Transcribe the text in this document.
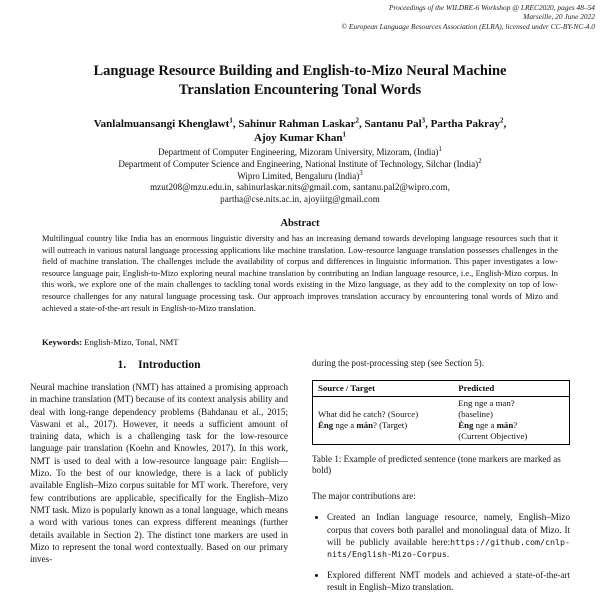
Proceedings of the WILDRE-6 Workshop @ LREC2020, pages 48–54
Marseille, 20 June 2022
© European Language Resources Association (ELRA), licensed under CC-BY-NC-4.0
Language Resource Building and English-to-Mizo Neural Machine Translation Encountering Tonal Words
Vanlalmuansangi Khenglawt$^1$, Sahinur Rahman Laskar$^2$, Santanu Pal$^3$, Partha Pakray$^2$,
Ajoy Kumar Khan$^1$
Department of Computer Engineering, Mizoram University, Mizoram, (India)$^1$
Department of Computer Science and Engineering, National Institute of Technology, Silchar (India)$^2$
Wipro Limited, Bengaluru (India)$^3$
mzut208@mzu.edu.in, sahinurlaskar.nits@gmail.com, santanu.pal2@wipro.com,
partha@cse.nits.ac.in, ajoyiitg@gmail.com
Abstract
Multilingual country like India has an enormous linguistic diversity and has an increasing demand towards developing language resources such that it will outreach in various natural language processing applications like machine translation. Low-resource language translation possesses challenges in the field of machine translation. The challenges include the availability of corpus and differences in linguistic information. This paper investigates a low-resource language pair, English-to-Mizo exploring neural machine translation by contributing an Indian language resource, i.e., English-Mizo corpus. In this work, we explore one of the main challenges to tackling tonal words existing in the Mizo language, as they add to the complexity on top of low-resource challenges for any natural language processing task. Our approach improves translation accuracy by encountering tonal words of Mizo and achieved a state-of-the-art result in English-to-Mizo translation.
Keywords: English-Mizo, Tonal, NMT
1. Introduction

Neural machine translation (NMT) has attained a promising approach in machine translation (MT) because of its context analysis ability and deal with long-range dependency problems (Bahdanau et al., 2015; Vaswani et al., 2017). However, it needs a sufficient amount of training data, which is a challenging task for the low-resource language pair translation (Koehn and Knowles, 2017). In this work, NMT is used to deal with a low-resource language pair: English—Mizo. To the best of our knowledge, there is a lack of publicly available English–Mizo corpus suitable for MT work. Therefore, very few contributions are applicable, specifically for the English–Mizo NMT task. Mizo is popularly known as a tonal language, which means a word with various tones can express different meanings (further details available in Section 2). The distinct tone markers are used in Mizo to represent the tonal word contextually. Based on our primary inves-

during the post-processing step (see Section 5).

Source / Target	Predicted
What did he catch? (Source)
Èng nge a mán? (Target)
Eng nge a man?
(baseline)
Èng nge a mán?
(Current Objective)

Table 1: Example of predicted sentence (tone markers are marked as bold)

The major contributions are:

• Created an Indian language resource, namely, English–Mizo corpus that covers both parallel and monolingual data of Mizo. It will be publicly available here:https://github.com/cnlp-nits/English-Mizo-Corpus.
• Explored different NMT models and achieved a state-of-the-art result in English–Mizo translation.
